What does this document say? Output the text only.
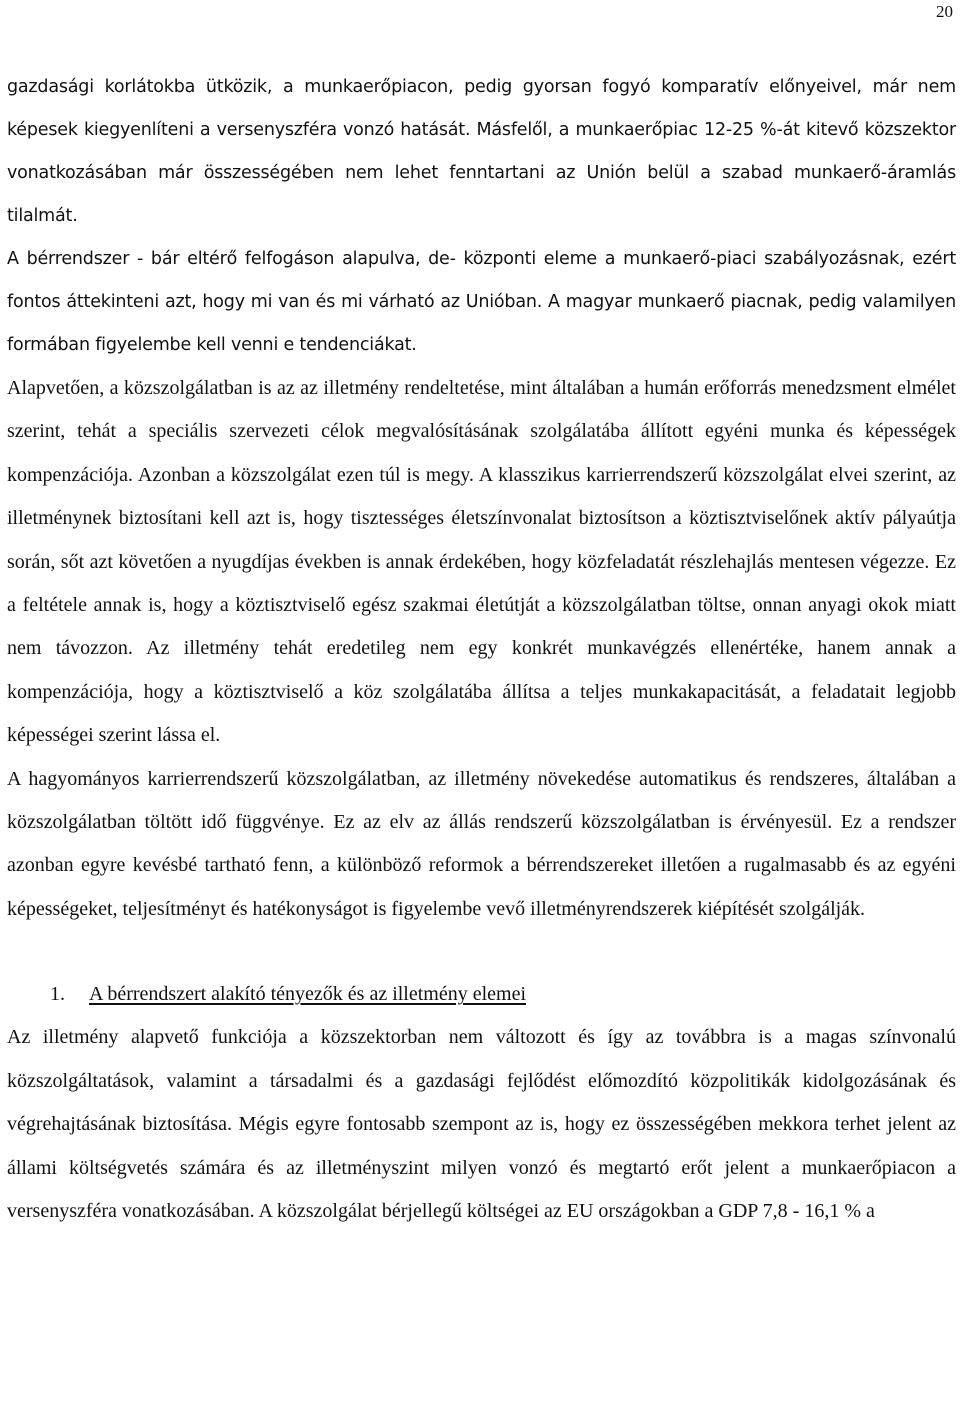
20

gazdasági korlátokba ütközik, a munkaerőpiacon, pedig gyorsan fogyó komparatív előnyeivel, már nem képesek kiegyenlíteni a versenyszféra vonzó hatását. Másfelől, a munkaerőpiac 12-25 %-át kitevő közszektor vonatkozásában már összességében nem lehet fenntartani az Unión belül a szabad munkaerő-áramlás tilalmát.

A bérrendszer - bár eltérő felfogáson alapulva, de- központi eleme a munkaerő-piaci szabályozásnak, ezért fontos áttekinteni azt, hogy mi van és mi várható az Unióban. A magyar munkaerő piacnak, pedig valamilyen formában figyelembe kell venni e tendenciákat.

Alapvetően, a közszolgálatban is az az illetmény rendeltetése, mint általában a humán erőforrás menedzsment elmélet szerint, tehát a speciális szervezeti célok megvalósításának szolgálatába állított egyéni munka és képességek kompenzációja. Azonban a közszolgálat ezen túl is megy. A klasszikus karrierrendszerű közszolgálat elvei szerint, az illetménynek biztosítani kell azt is, hogy tisztességes életszínvonalat biztosítson a köztisztviselőnek aktív pályaútja során, sőt azt követően a nyugdíjas években is annak érdekében, hogy közfeladatát részlehajlás mentesen végezze. Ez a feltétele annak is, hogy a köztisztviselő egész szakmai életútját a közszolgálatban töltse, onnan anyagi okok miatt nem távozzon. Az illetmény tehát eredetileg nem egy konkrét munkavégzés ellenértéke, hanem annak a kompenzációja, hogy a köztisztviselő a köz szolgálatába állítsa a teljes munkakapacitását, a feladatait legjobb képességei szerint lássa el.

A hagyományos karrierrendszerű közszolgálatban, az illetmény növekedése automatikus és rendszeres, általában a közszolgálatban töltött idő függvénye. Ez az elv az állás rendszerű közszolgálatban is érvényesül. Ez a rendszer azonban egyre kevésbé tartható fenn, a különböző reformok a bérrendszereket illetően a rugalmasabb és az egyéni képességeket, teljesítményt és hatékonyságot is figyelembe vevő illetményrendszerek kiépítését szolgálják.

1.	A bérrendszert alakító tényezők és az illetmény elemei

Az illetmény alapvető funkciója a közszektorban nem változott és így az továbbra is a magas színvonalú közszolgáltatások, valamint a társadalmi és a gazdasági fejlődést előmozdító közpolitikák kidolgozásának és végrehajtásának biztosítása. Mégis egyre fontosabb szempont az is, hogy ez összességében mekkora terhet jelent az állami költségvetés számára és az illetményszint milyen vonzó és megtartó erőt jelent a munkaerőpiacon a versenyszféra vonatkozásában. A közszolgálat bérjellegű költségei az EU országokban a GDP 7,8 - 16,1 % a
